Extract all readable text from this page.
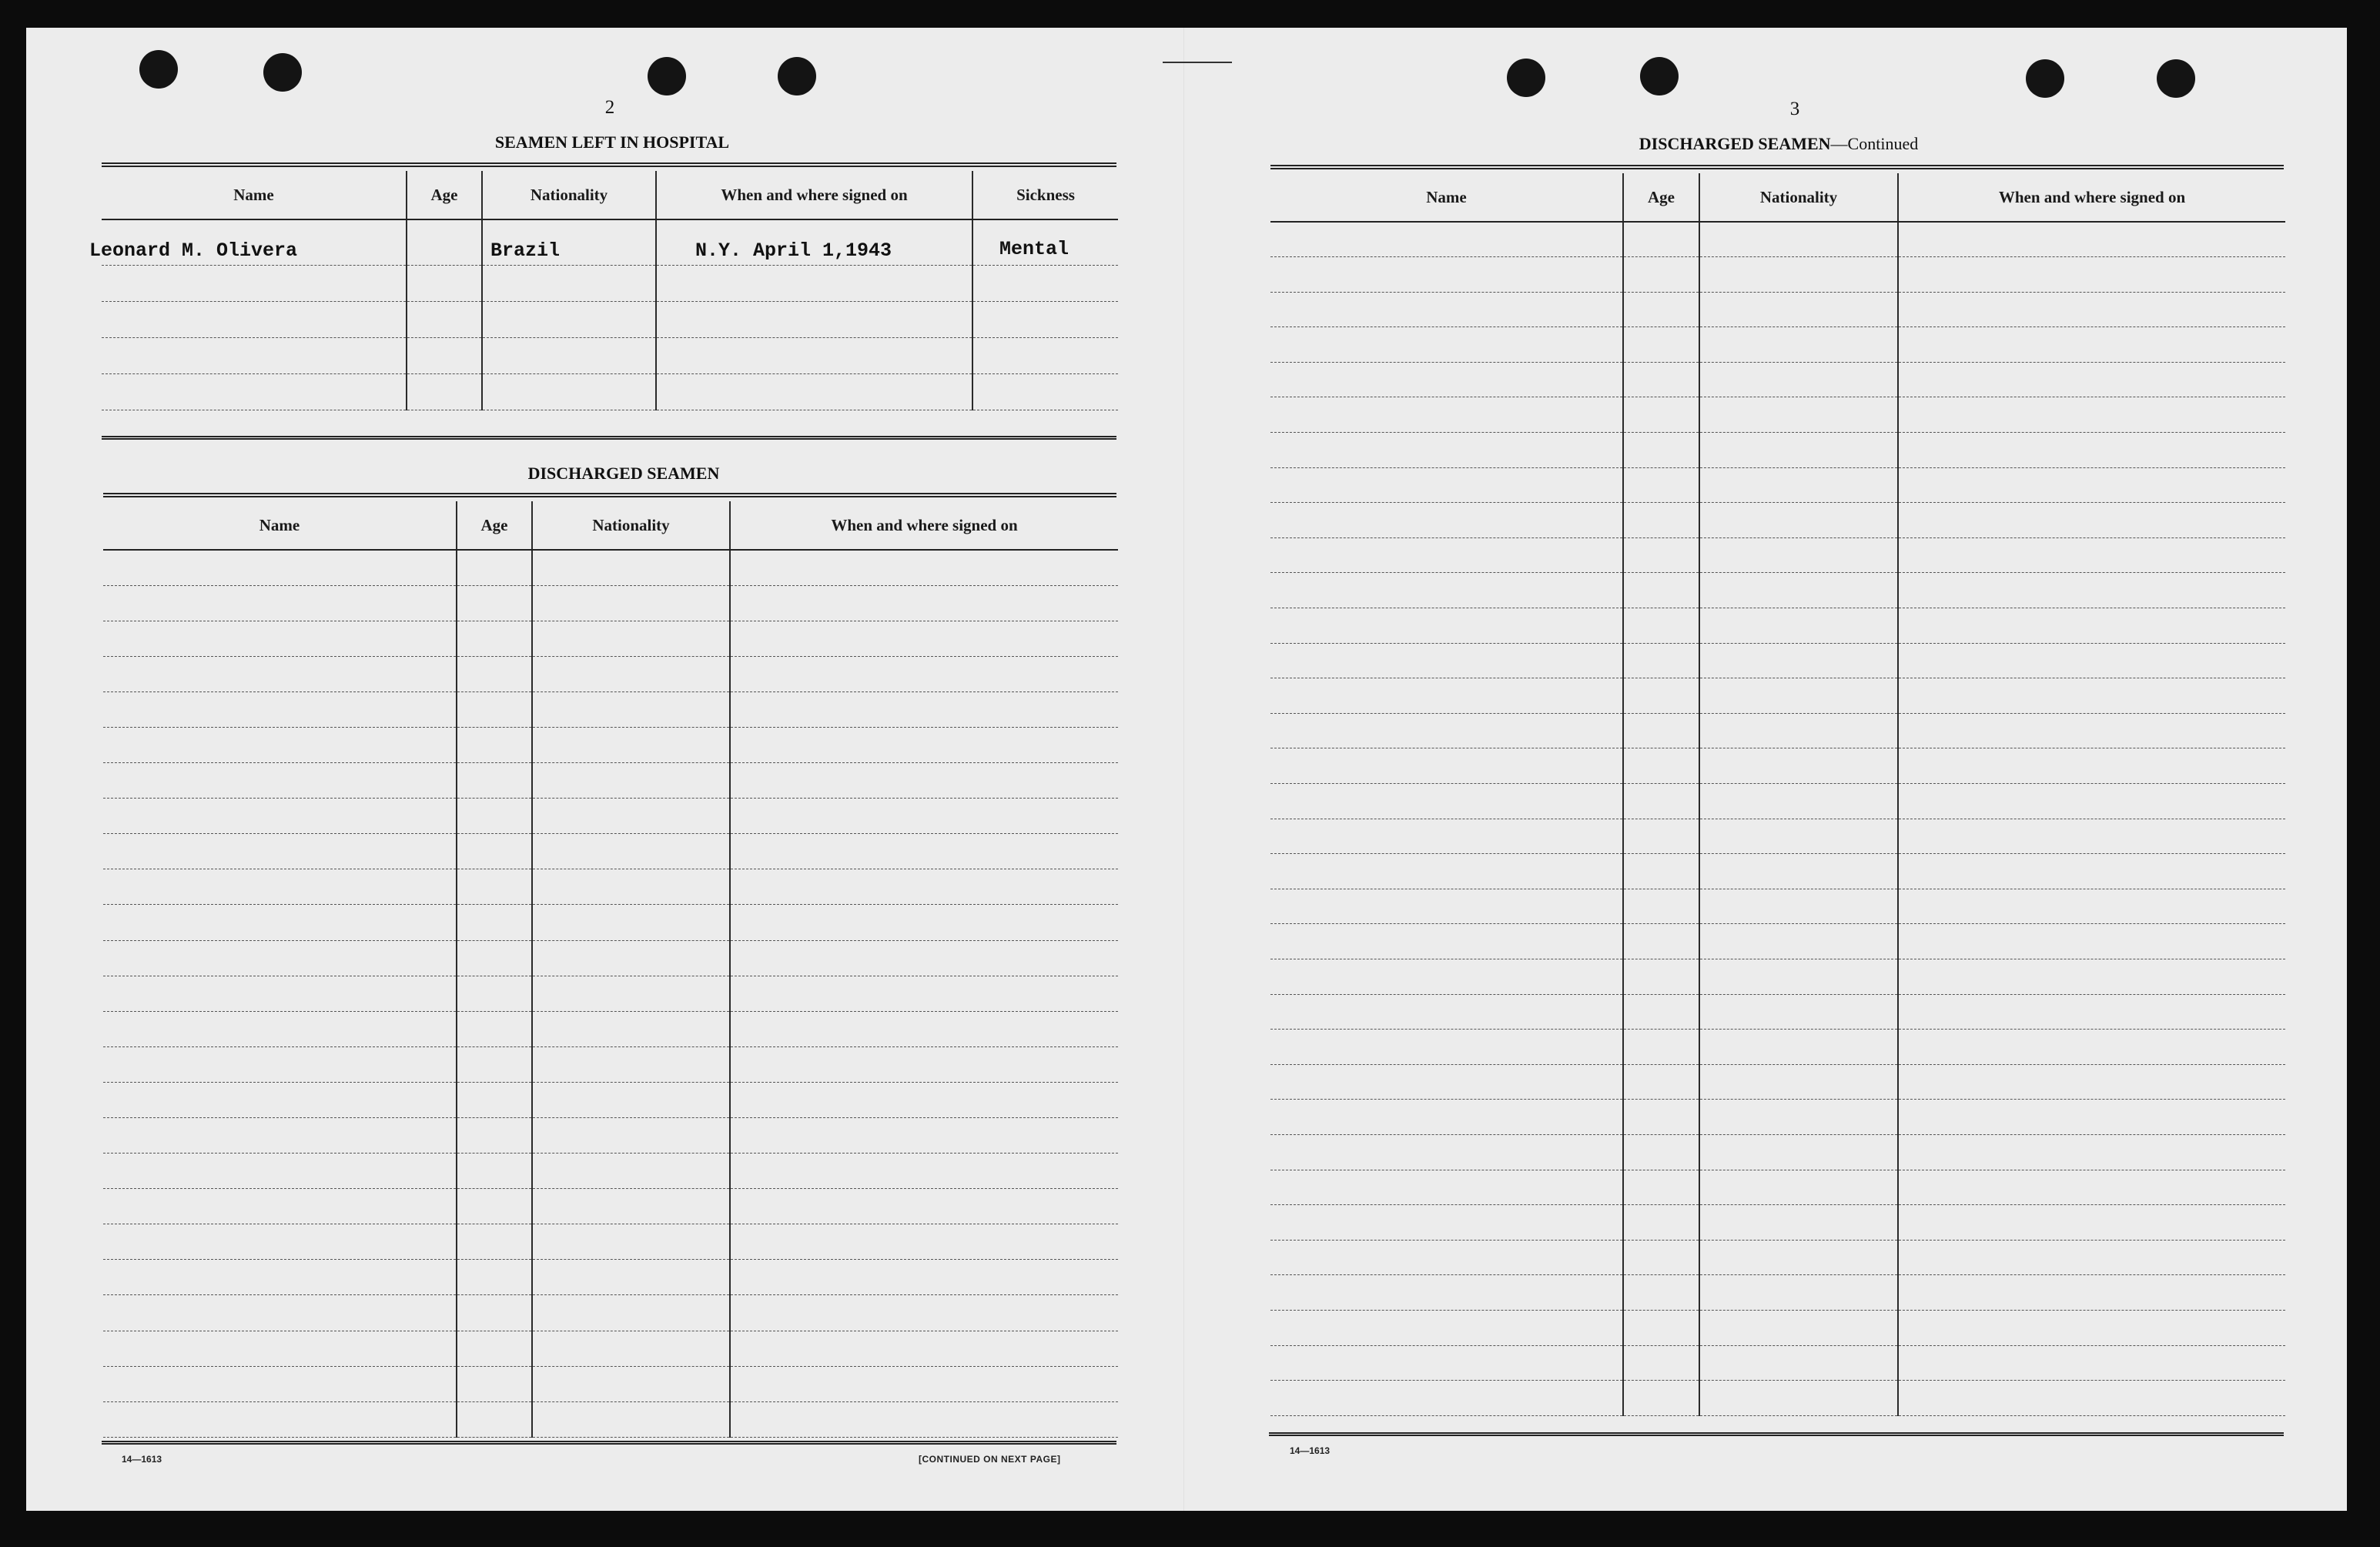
2
SEAMEN LEFT IN HOSPITAL
Name	Age	Nationality	When and where signed on	Sickness
Leonard M. Olivera		Brazil	N.Y. April 1,1943	Mental

DISCHARGED SEAMEN
Name	Age	Nationality	When and where signed on

14—1613	[CONTINUED ON NEXT PAGE]
3
DISCHARGED SEAMEN—Continued
Name	Age	Nationality	When and where signed on

14—1613
